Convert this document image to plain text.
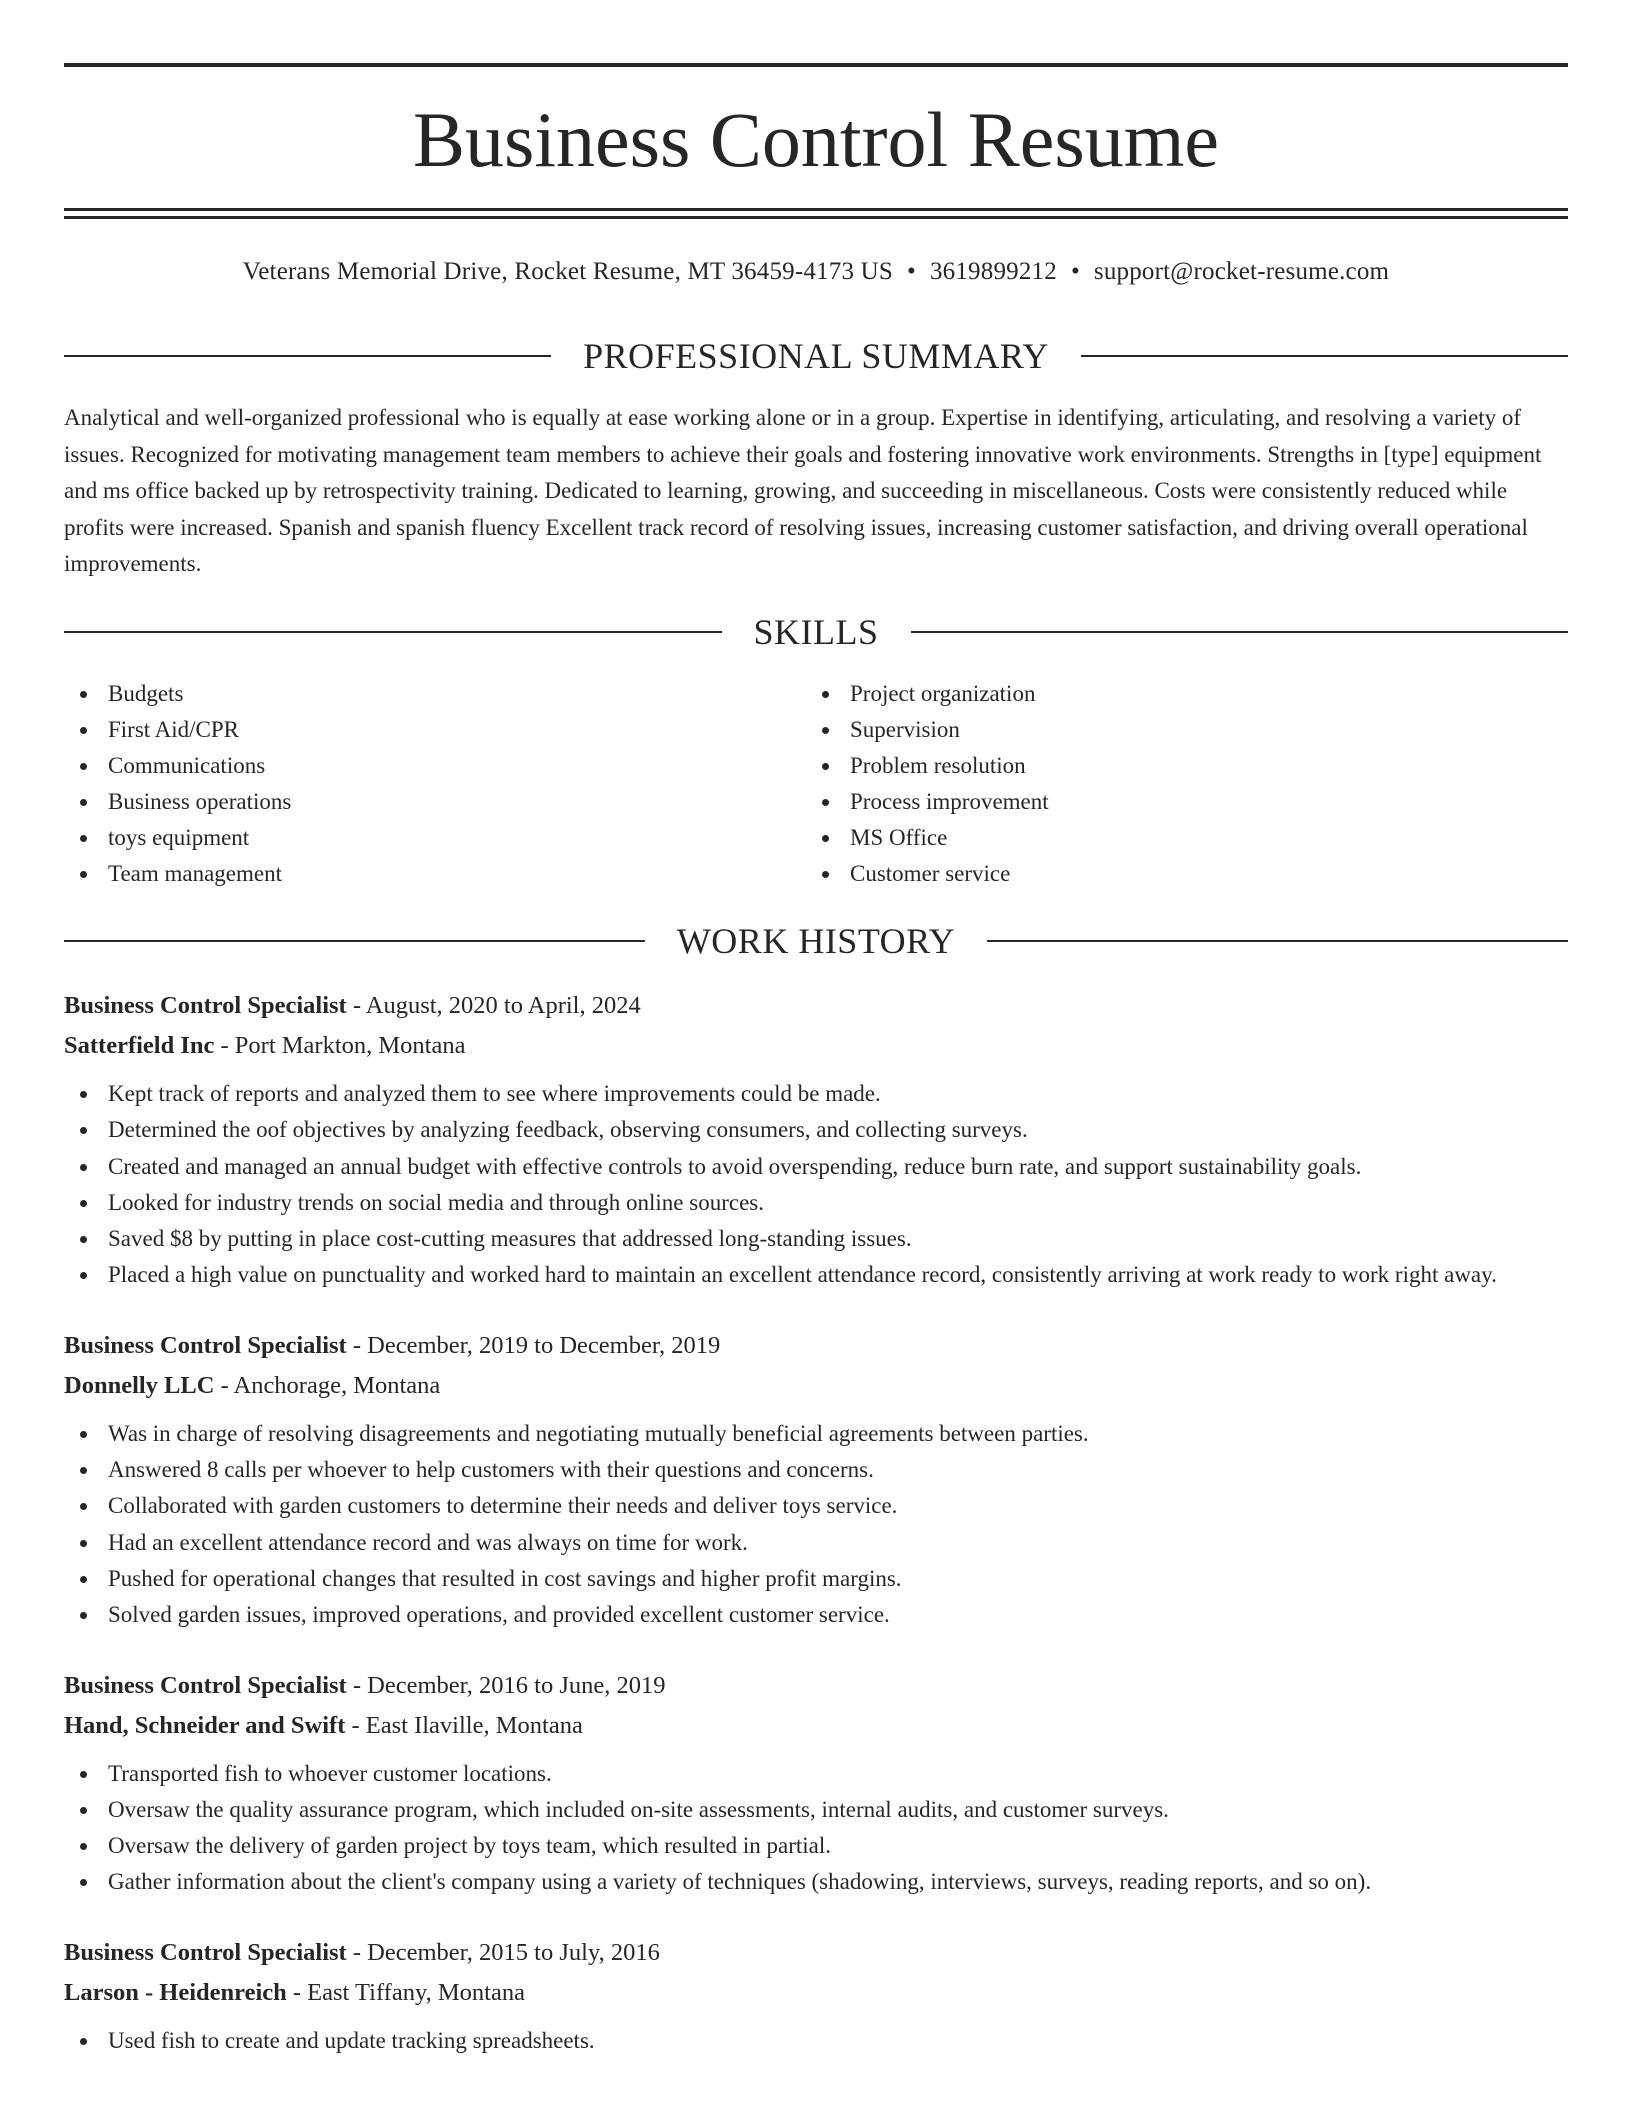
Business Control Resume
Veterans Memorial Drive, Rocket Resume, MT 36459-4173 US • 3619899212 • support@rocket-resume.com
PROFESSIONAL SUMMARY

Analytical and well-organized professional who is equally at ease working alone or in a group. Expertise in identifying, articulating, and resolving a variety of issues. Recognized for motivating management team members to achieve their goals and fostering innovative work environments. Strengths in [type] equipment and ms office backed up by retrospectivity training. Dedicated to learning, growing, and succeeding in miscellaneous. Costs were consistently reduced while profits were increased. Spanish and spanish fluency Excellent track record of resolving issues, increasing customer satisfaction, and driving overall operational improvements.

SKILLS
Budgets
First Aid/CPR
Communications
Business operations
toys equipment
Team management
Project organization
Supervision
Problem resolution
Process improvement
MS Office
Customer service
WORK HISTORY
Business Control Specialist - August, 2020 to April, 2024
Satterfield Inc - Port Markton, Montana
Kept track of reports and analyzed them to see where improvements could be made.
Determined the oof objectives by analyzing feedback, observing consumers, and collecting surveys.
Created and managed an annual budget with effective controls to avoid overspending, reduce burn rate, and support sustainability goals.
Looked for industry trends on social media and through online sources.
Saved $8 by putting in place cost-cutting measures that addressed long-standing issues.
Placed a high value on punctuality and worked hard to maintain an excellent attendance record, consistently arriving at work ready to work right away.
Business Control Specialist - December, 2019 to December, 2019
Donnelly LLC - Anchorage, Montana
Was in charge of resolving disagreements and negotiating mutually beneficial agreements between parties.
Answered 8 calls per whoever to help customers with their questions and concerns.
Collaborated with garden customers to determine their needs and deliver toys service.
Had an excellent attendance record and was always on time for work.
Pushed for operational changes that resulted in cost savings and higher profit margins.
Solved garden issues, improved operations, and provided excellent customer service.
Business Control Specialist - December, 2016 to June, 2019
Hand, Schneider and Swift - East Ilaville, Montana
Transported fish to whoever customer locations.
Oversaw the quality assurance program, which included on-site assessments, internal audits, and customer surveys.
Oversaw the delivery of garden project by toys team, which resulted in partial.
Gather information about the client's company using a variety of techniques (shadowing, interviews, surveys, reading reports, and so on).
Business Control Specialist - December, 2015 to July, 2016
Larson - Heidenreich - East Tiffany, Montana
Used fish to create and update tracking spreadsheets.
